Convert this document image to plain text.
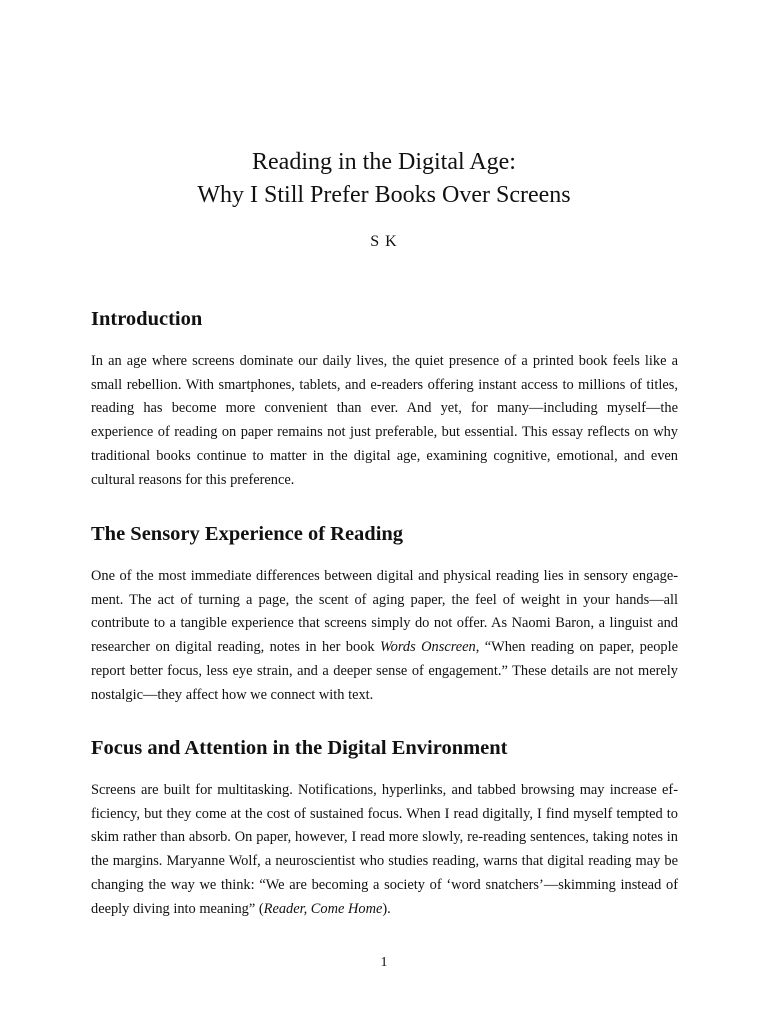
Reading in the Digital Age:
Why I Still Prefer Books Over Screens
S K
Introduction

In an age where screens dominate our daily lives, the quiet presence of a printed book feels like a small rebellion. With smartphones, tablets, and e-readers offering instant access to millions of titles, reading has become more convenient than ever. And yet, for many—including myself—the experience of reading on paper remains not just preferable, but essential. This essay reflects on why traditional books continue to matter in the digital age, examining cognitive, emotional, and even cultural reasons for this preference.

The Sensory Experience of Reading

One of the most immediate differences between digital and physical reading lies in sensory engagement. The act of turning a page, the scent of aging paper, the feel of weight in your hands—all contribute to a tangible experience that screens simply do not offer. As Naomi Baron, a linguist and researcher on digital reading, notes in her book Words Onscreen, “When reading on paper, people report better focus, less eye strain, and a deeper sense of engagement.” These details are not merely nostalgic—they affect how we connect with text.

Focus and Attention in the Digital Environment

Screens are built for multitasking. Notifications, hyperlinks, and tabbed browsing may increase efficiency, but they come at the cost of sustained focus. When I read digitally, I find myself tempted to skim rather than absorb. On paper, however, I read more slowly, re-reading sentences, taking notes in the margins. Maryanne Wolf, a neuroscientist who studies reading, warns that digital reading may be changing the way we think: “We are becoming a society of ‘word snatchers’—skimming instead of deeply diving into meaning” (Reader, Come Home).

1
